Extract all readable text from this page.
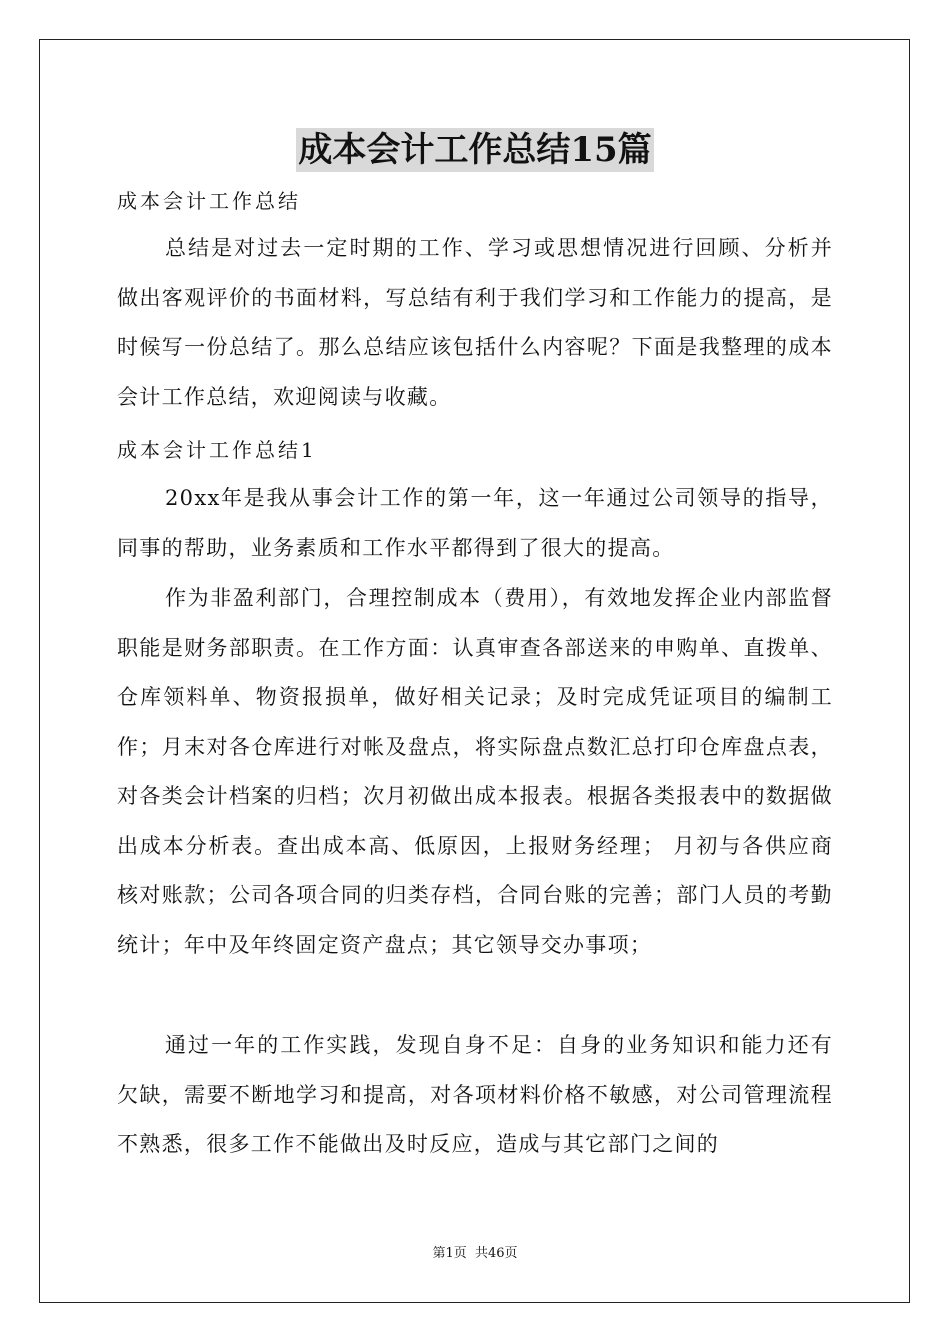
成本会计工作总结15篇
成本会计工作总结
总结是对过去一定时期的工作、学习或思想情况进行回顾、分析并做出客观评价的书面材料，写总结有利于我们学习和工作能力的提高，是时候写一份总结了。那么总结应该包括什么内容呢？下面是我整理的成本会计工作总结，欢迎阅读与收藏。
成本会计工作总结1
20xx年是我从事会计工作的第一年，这一年通过公司领导的指导，同事的帮助，业务素质和工作水平都得到了很大的提高。
作为非盈利部门，合理控制成本（费用），有效地发挥企业内部监督职能是财务部职责。在工作方面：认真审查各部送来的申购单、直拨单、仓库领料单、物资报损单，做好相关记录；及时完成凭证项目的编制工作；月末对各仓库进行对帐及盘点，将实际盘点数汇总打印仓库盘点表，对各类会计档案的归档；次月初做出成本报表。根据各类报表中的数据做出成本分析表。查出成本高、低原因，上报财务经理； 月初与各供应商核对账款；公司各项合同的归类存档，合同台账的完善；部门人员的考勤统计；年中及年终固定资产盘点；其它领导交办事项；
通过一年的工作实践，发现自身不足：自身的业务知识和能力还有欠缺，需要不断地学习和提高，对各项材料价格不敏感，对公司管理流程不熟悉，很多工作不能做出及时反应，造成与其它部门之间的
第1页 共46页
